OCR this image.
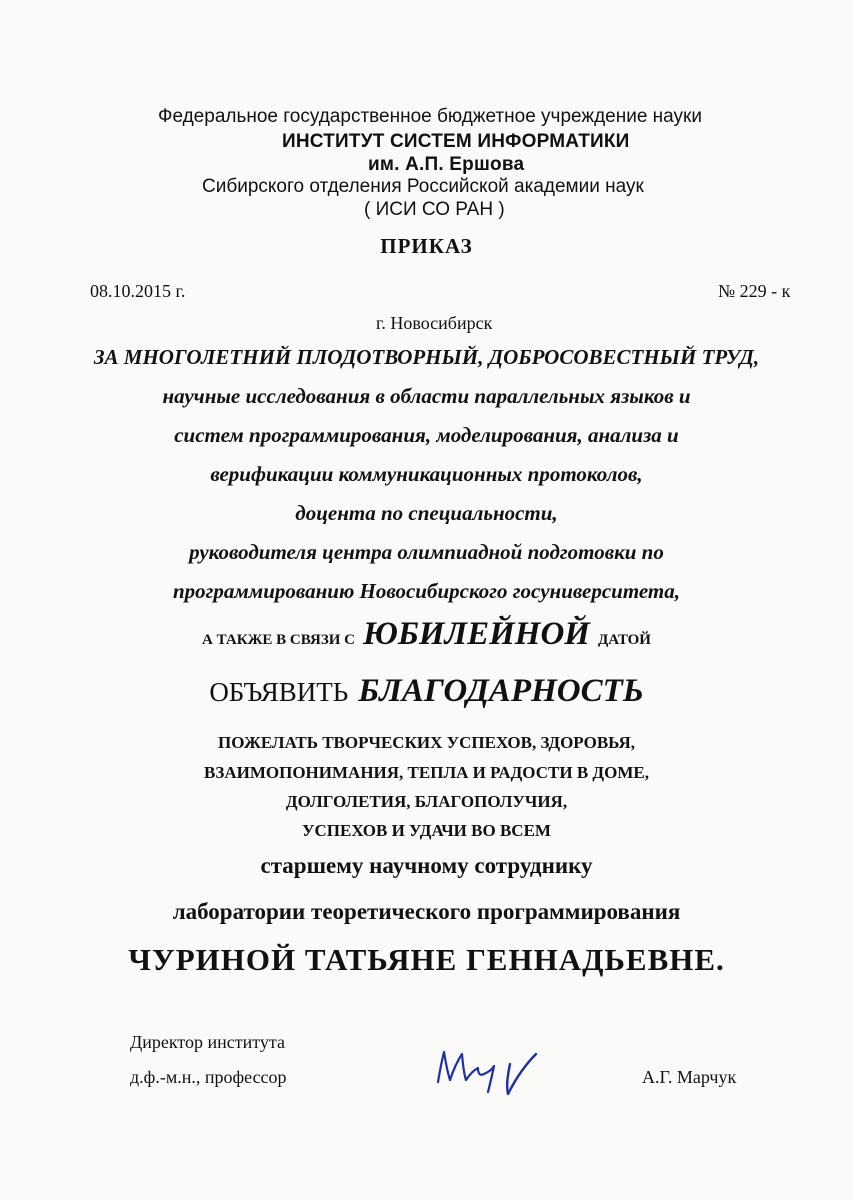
Федеральное государственное бюджетное учреждение науки
ИНСТИТУТ СИСТЕМ ИНФОРМАТИКИ
им. А.П. Ершова
Сибирского отделения Российской академии наук
( ИСИ СО РАН )
ПРИКАЗ
08.10.2015 г.	№ 229 - к
г. Новосибирск
ЗА МНОГОЛЕТНИЙ ПЛОДОТВОРНЫЙ, ДОБРОСОВЕСТНЫЙ ТРУД,
научные исследования в области параллельных языков и
систем программирования, моделирования, анализа и
верификации коммуникационных протоколов,
доцента по специальности,
руководителя центра олимпиадной подготовки по
программированию Новосибирского госуниверситета,
А ТАКЖЕ В СВЯЗИ С ЮБИЛЕЙНОЙ ДАТОЙ
ОБЪЯВИТЬ БЛАГОДАРНОСТЬ
ПОЖЕЛАТЬ ТВОРЧЕСКИХ УСПЕХОВ, ЗДОРОВЬЯ,
ВЗАИМОПОНИМАНИЯ, ТЕПЛА И РАДОСТИ В ДОМЕ,
ДОЛГОЛЕТИЯ, БЛАГОПОЛУЧИЯ,
УСПЕХОВ И УДАЧИ ВО ВСЕМ
старшему научному сотруднику
лаборатории теоретического программирования
ЧУРИНОЙ ТАТЬЯНЕ ГЕННАДЬЕВНЕ.
Директор института
д.ф.-м.н., профессор	А.Г. Марчук
